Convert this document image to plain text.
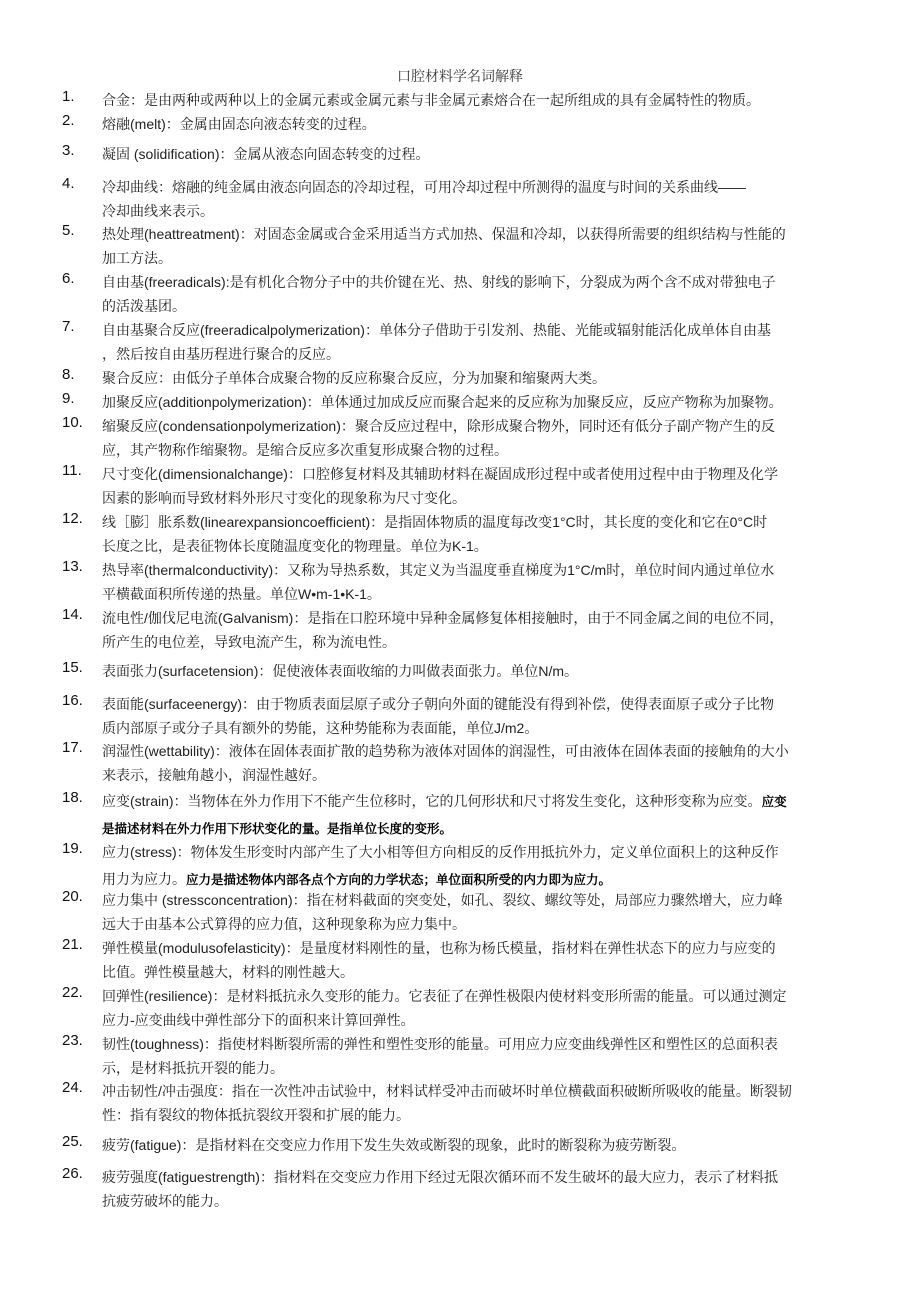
口腔材料学名词解释
1. 合金：是由两种或两种以上的金属元素或金属元素与非金属元素熔合在一起所组成的具有金属特性的物质。
2. 熔融(melt)：金属由固态向液态转变的过程。
3. 凝固 (solidification)：金属从液态向固态转变的过程。
4. 冷却曲线：熔融的纯金属由液态向固态的冷却过程，可用冷却过程中所测得的温度与时间的关系曲线——
冷却曲线来表示。
5. 热处理(heattreatment)：对固态金属或合金采用适当方式加热、保温和冷却，以获得所需要的组织结构与性能的
加工方法。
6. 自由基(freeradicals):是有机化合物分子中的共价键在光、热、射线的影响下，分裂成为两个含不成对带独电子
的活泼基团。
7. 自由基聚合反应(freeradicalpolymerization)：单体分子借助于引发剂、热能、光能或辐射能活化成单体自由基
，然后按自由基历程进行聚合的反应。
8. 聚合反应：由低分子单体合成聚合物的反应称聚合反应，分为加聚和缩聚两大类。
9. 加聚反应(additionpolymerization)：单体通过加成反应而聚合起来的反应称为加聚反应，反应产物称为加聚物。
10. 缩聚反应(condensationpolymerization)：聚合反应过程中，除形成聚合物外，同时还有低分子副产物产生的反
应，其产物称作缩聚物。是缩合反应多次重复形成聚合物的过程。
11. 尺寸变化(dimensionalchange)：口腔修复材料及其辅助材料在凝固成形过程中或者使用过程中由于物理及化学
因素的影响而导致材料外形尺寸变化的现象称为尺寸变化。
12. 线［膨］胀系数(linearexpansioncoefficient)：是指固体物质的温度每改变1°C时，其长度的变化和它在0°C时
长度之比，是表征物体长度随温度变化的物理量。单位为K-1。
13. 热导率(thermalconductivity)：又称为导热系数，其定义为当温度垂直梯度为1°C/m时，单位时间内通过单位水
平横截面积所传递的热量。单位W•m-1•K-1。
14. 流电性/伽伐尼电流(Galvanism)：是指在口腔环境中异种金属修复体相接触时，由于不同金属之间的电位不同，
所产生的电位差，导致电流产生，称为流电性。
15. 表面张力(surfacetension)：促使液体表面收缩的力叫做表面张力。单位N/m。
16. 表面能(surfaceenergy)：由于物质表面层原子或分子朝向外面的键能没有得到补偿，使得表面原子或分子比物
质内部原子或分子具有额外的势能，这种势能称为表面能，单位J/m2。
17. 润湿性(wettability)：液体在固体表面扩散的趋势称为液体对固体的润湿性，可由液体在固体表面的接触角的大小
来表示，接触角越小，润湿性越好。
18. 应变(strain)：当物体在外力作用下不能产生位移时，它的几何形状和尺寸将发生变化，这种形变称为应变。应变
是描述材料在外力作用下形状变化的量。是指单位长度的变形。
19. 应力(stress)：物体发生形变时内部产生了大小相等但方向相反的反作用抵抗外力，定义单位面积上的这种反作
用力为应力。应力是描述物体内部各点个方向的力学状态；单位面积所受的内力即为应力。
20. 应力集中 (stressconcentration)：指在材料截面的突变处，如孔、裂纹、螺纹等处，局部应力骤然增大，应力峰
远大于由基本公式算得的应力值，这种现象称为应力集中。
21. 弹性模量(modulusofelasticity)：是量度材料刚性的量，也称为杨氏模量，指材料在弹性状态下的应力与应变的
比值。弹性模量越大，材料的刚性越大。
22. 回弹性(resilience)：是材料抵抗永久变形的能力。它表征了在弹性极限内使材料变形所需的能量。可以通过测定
应力-应变曲线中弹性部分下的面积来计算回弹性。
23. 韧性(toughness)：指使材料断裂所需的弹性和塑性变形的能量。可用应力应变曲线弹性区和塑性区的总面积表
示，是材料抵抗开裂的能力。
24. 冲击韧性/冲击强度：指在一次性冲击试验中，材料试样受冲击而破坏时单位横截面积破断所吸收的能量。断裂韧
性：指有裂纹的物体抵抗裂纹开裂和扩展的能力。
25. 疲劳(fatigue)：是指材料在交变应力作用下发生失效或断裂的现象，此时的断裂称为疲劳断裂。
26. 疲劳强度(fatiguestrength)：指材料在交变应力作用下经过无限次循环而不发生破坏的最大应力，表示了材料抵
抗疲劳破坏的能力。
